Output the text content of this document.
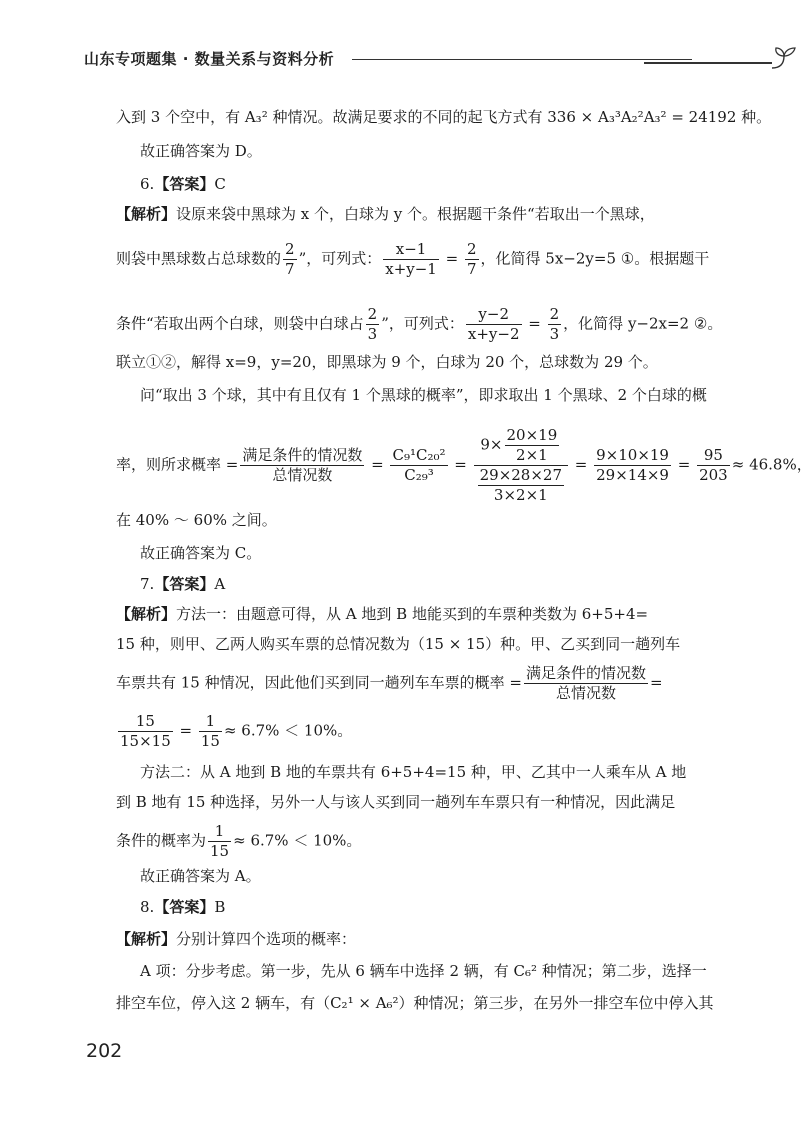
山东专项题集 · 数量关系与资料分析
入到 3 个空中，有 A₃² 种情况。故满足要求的不同的起飞方式有 336 × A₃³A₂²A₃² = 24192 种。
故正确答案为 D。
6.【答案】C
【解析】设原来袋中黑球为 x 个，白球为 y 个。根据题干条件“若取出一个黑球，
则袋中黑球数占总球数的 $\frac{2}{7}$ ”，可列式： $\frac{x-1}{x+y-1} = \frac{2}{7}$ ，化简得 5x−2y=5 ①。根据题干
条件“若取出两个白球，则袋中白球占 $\frac{2}{3}$ ”，可列式： $\frac{y-2}{x+y-2} = \frac{2}{3}$ ，化简得 y−2x=2 ②。
联立①②，解得 x=9，y=20，即黑球为 9 个，白球为 20 个，总球数为 29 个。
问“取出 3 个球，其中有且仅有 1 个黑球的概率”，即求取出 1 个黑球、2 个白球的概
率，则所求概率 = $\frac{\text{满足条件的情况数}}{\text{总情况数}} = \frac{\text{C₉¹C₂₀²}}{\text{C₂₉³}} = \frac{9\times \frac{20\times 19}{2\times 1}}{\frac{29\times 28\times 27}{3\times 2\times 1}} = \frac{9\times 10\times 19}{29\times 14\times 9} = \frac{95}{203} \approx 46.8\%$，
在 40% ～ 60% 之间。
故正确答案为 C。
7.【答案】A
【解析】方法一：由题意可得，从 A 地到 B 地能买到的车票种类数为 6+5+4=
15 种，则甲、乙两人购买车票的总情况数为（15 × 15）种。甲、乙买到同一趟列车
车票共有 15 种情况，因此他们买到同一趟列车车票的概率 = $\frac{\text{满足条件的情况数}}{\text{总情况数}}$ =
$\frac{15}{15\times 15} = \frac{1}{15} \approx 6.7\% < 10\%$。
方法二：从 A 地到 B 地的车票共有 6+5+4=15 种，甲、乙其中一人乘车从 A 地
到 B 地有 15 种选择，另外一人与该人买到同一趟列车车票只有一种情况，因此满足
条件的概率为 $\frac{1}{15} \approx 6.7\% < 10\%$。
故正确答案为 A。
8.【答案】B
【解析】分别计算四个选项的概率：
A 项：分步考虑。第一步，先从 6 辆车中选择 2 辆，有 C₆² 种情况；第二步，选择一
排空车位，停入这 2 辆车，有（C₂¹ × A₆²）种情况；第三步，在另外一排空车位中停入其
202
